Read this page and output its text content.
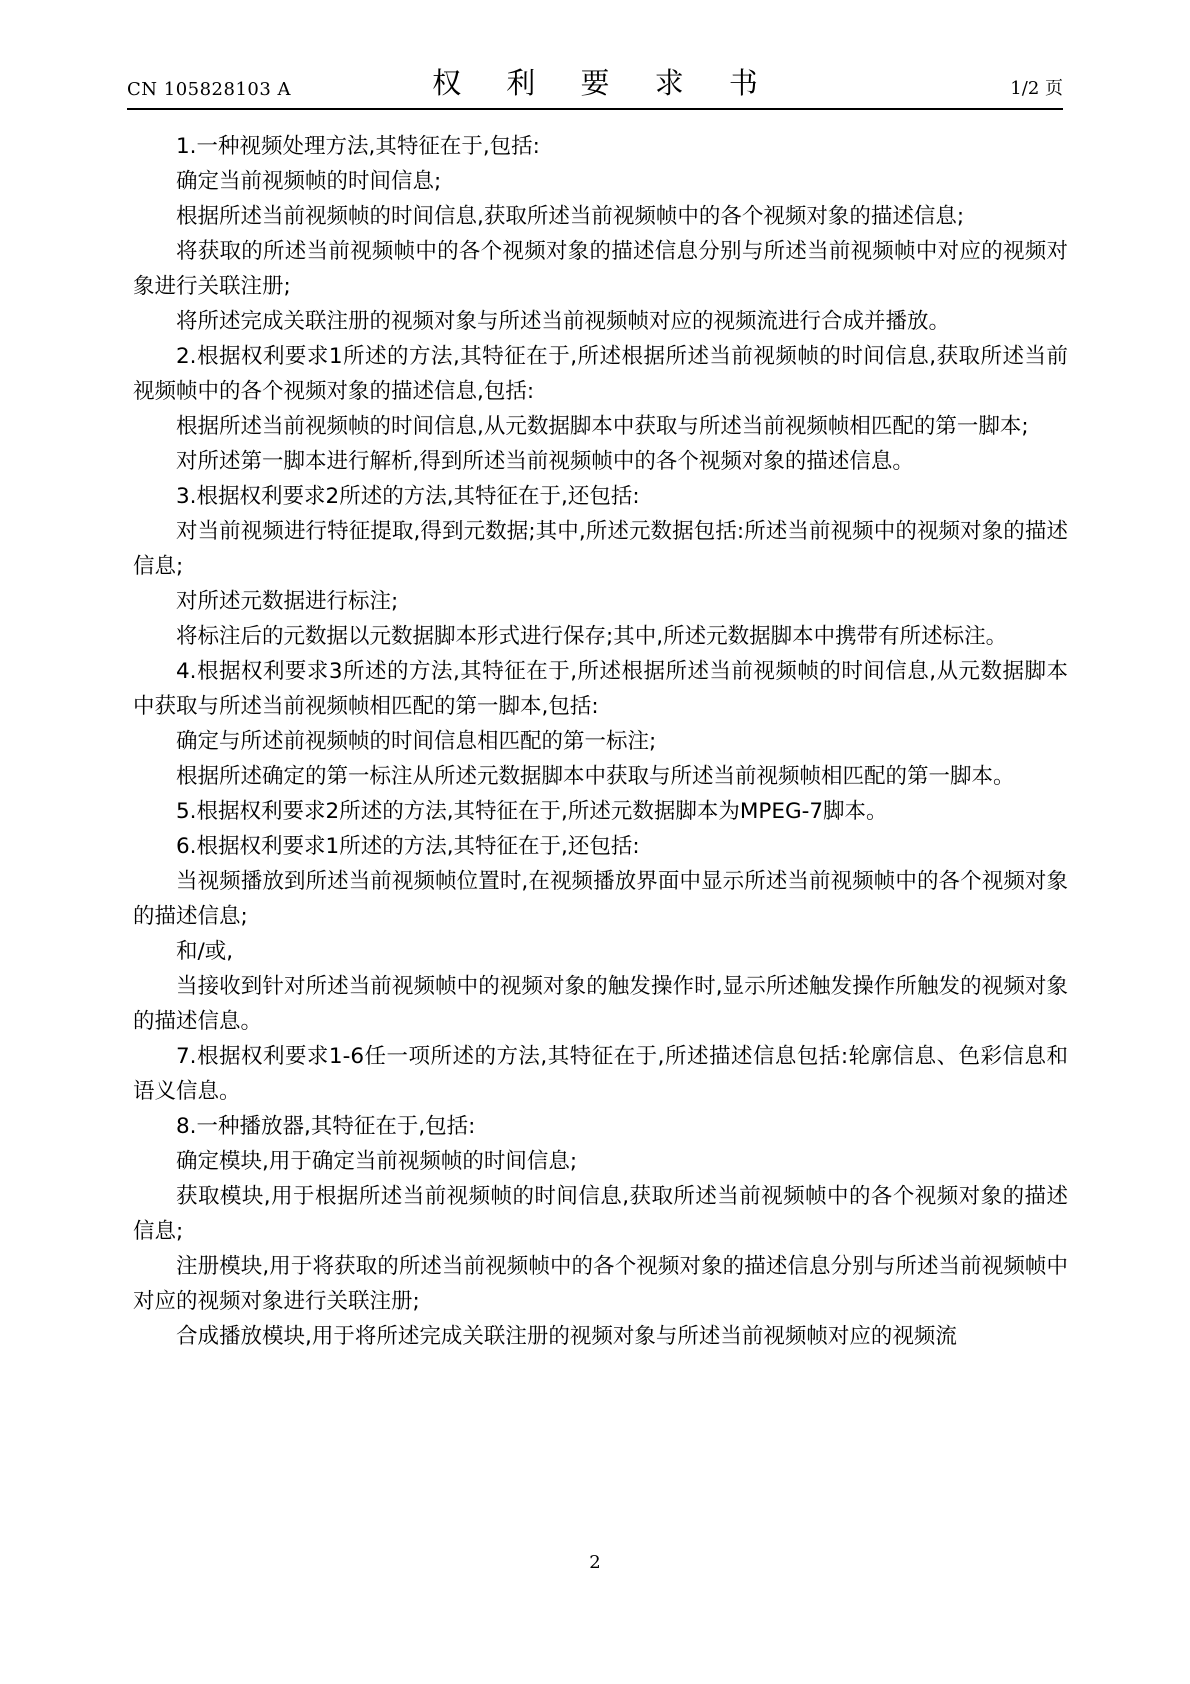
CN 105828103 A	权 利 要 求 书	1/2 页

1.一种视频处理方法,其特征在于,包括:

确定当前视频帧的时间信息;

根据所述当前视频帧的时间信息,获取所述当前视频帧中的各个视频对象的描述信息;

将获取的所述当前视频帧中的各个视频对象的描述信息分别与所述当前视频帧中对应的视频对象进行关联注册;

将所述完成关联注册的视频对象与所述当前视频帧对应的视频流进行合成并播放。

2.根据权利要求1所述的方法,其特征在于,所述根据所述当前视频帧的时间信息,获取所述当前视频帧中的各个视频对象的描述信息,包括:

根据所述当前视频帧的时间信息,从元数据脚本中获取与所述当前视频帧相匹配的第一脚本;

对所述第一脚本进行解析,得到所述当前视频帧中的各个视频对象的描述信息。

3.根据权利要求2所述的方法,其特征在于,还包括:

对当前视频进行特征提取,得到元数据;其中,所述元数据包括:所述当前视频中的视频对象的描述信息;

对所述元数据进行标注;

将标注后的元数据以元数据脚本形式进行保存;其中,所述元数据脚本中携带有所述标注。

4.根据权利要求3所述的方法,其特征在于,所述根据所述当前视频帧的时间信息,从元数据脚本中获取与所述当前视频帧相匹配的第一脚本,包括:

确定与所述前视频帧的时间信息相匹配的第一标注;

根据所述确定的第一标注从所述元数据脚本中获取与所述当前视频帧相匹配的第一脚本。

5.根据权利要求2所述的方法,其特征在于,所述元数据脚本为MPEG-7脚本。

6.根据权利要求1所述的方法,其特征在于,还包括:

当视频播放到所述当前视频帧位置时,在视频播放界面中显示所述当前视频帧中的各个视频对象的描述信息;

和/或,

当接收到针对所述当前视频帧中的视频对象的触发操作时,显示所述触发操作所触发的视频对象的描述信息。

7.根据权利要求1-6任一项所述的方法,其特征在于,所述描述信息包括:轮廓信息、色彩信息和语义信息。

8.一种播放器,其特征在于,包括:

确定模块,用于确定当前视频帧的时间信息;

获取模块,用于根据所述当前视频帧的时间信息,获取所述当前视频帧中的各个视频对象的描述信息;

注册模块,用于将获取的所述当前视频帧中的各个视频对象的描述信息分别与所述当前视频帧中对应的视频对象进行关联注册;

合成播放模块,用于将所述完成关联注册的视频对象与所述当前视频帧对应的视频流

2
